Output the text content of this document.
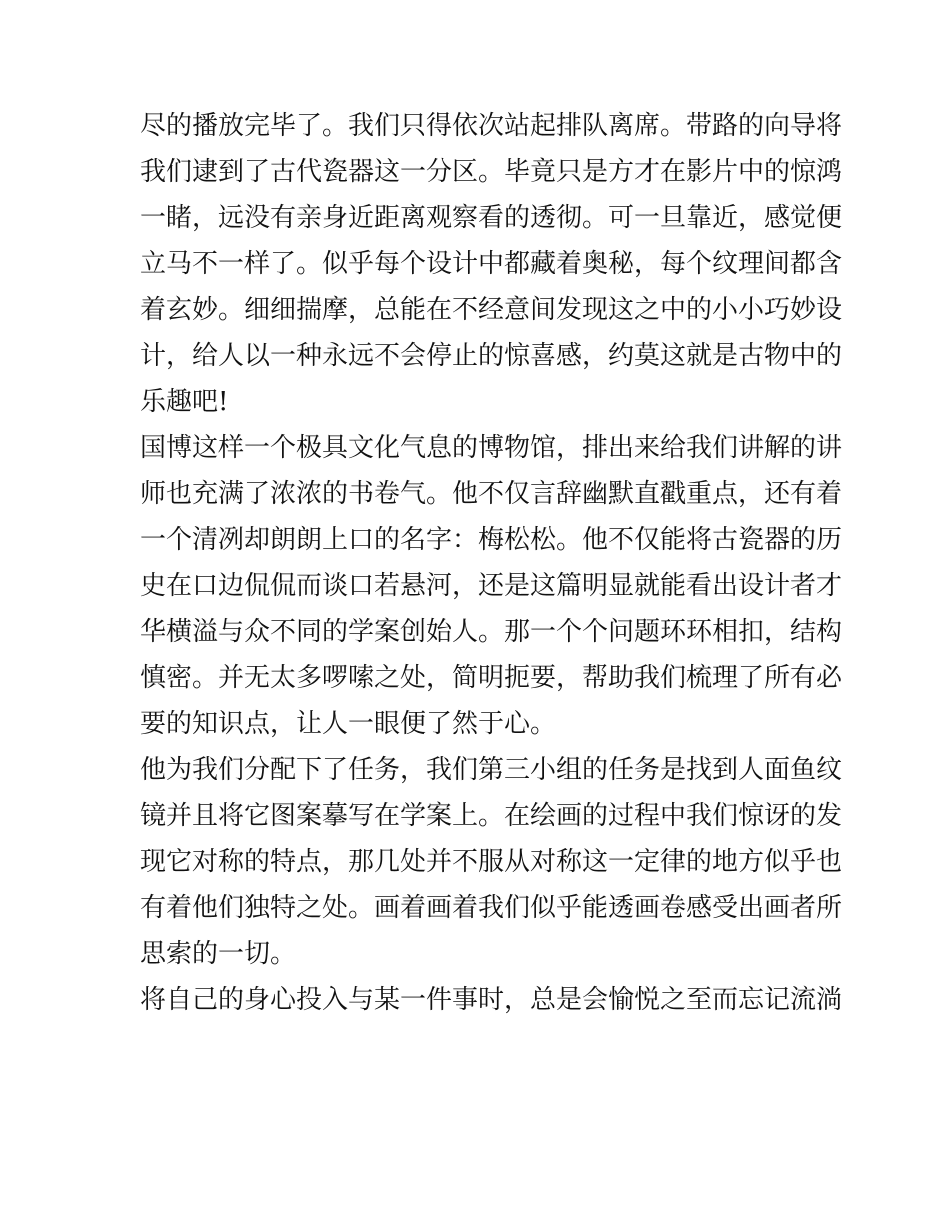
尽的播放完毕了。我们只得依次站起排队离席。带路的向导将
我们逮到了古代瓷器这一分区。毕竟只是方才在影片中的惊鸿
一睹，远没有亲身近距离观察看的透彻。可一旦靠近，感觉便
立马不一样了。似乎每个设计中都藏着奥秘，每个纹理间都含
着玄妙。细细揣摩，总能在不经意间发现这之中的小小巧妙设
计，给人以一种永远不会停止的惊喜感，约莫这就是古物中的
乐趣吧!
国博这样一个极具文化气息的博物馆，排出来给我们讲解的讲
师也充满了浓浓的书卷气。他不仅言辞幽默直戳重点，还有着
一个清冽却朗朗上口的名字：梅松松。他不仅能将古瓷器的历
史在口边侃侃而谈口若悬河，还是这篇明显就能看出设计者才
华横溢与众不同的学案创始人。那一个个问题环环相扣，结构
慎密。并无太多啰嗦之处，简明扼要，帮助我们梳理了所有必
要的知识点，让人一眼便了然于心。
他为我们分配下了任务，我们第三小组的任务是找到人面鱼纹
镜并且将它图案摹写在学案上。在绘画的过程中我们惊讶的发
现它对称的特点，那几处并不服从对称这一定律的地方似乎也
有着他们独特之处。画着画着我们似乎能透画卷感受出画者所
思索的一切。
将自己的身心投入与某一件事时，总是会愉悦之至而忘记流淌
